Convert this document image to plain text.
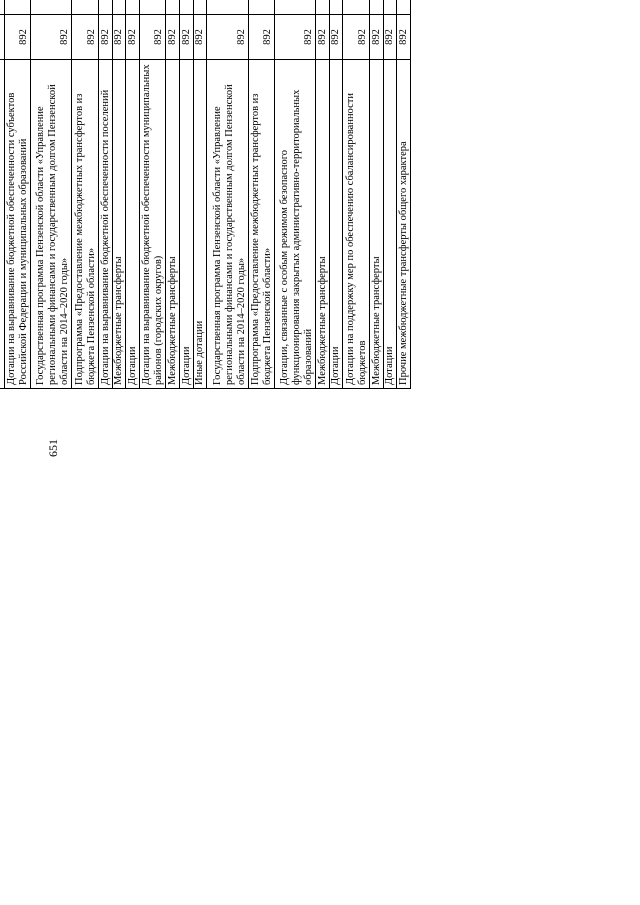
651

Дотации на выравнивание бюджетной обеспеченности субъектов Российской Федерации и муниципальных образований	892						
Государственная программа Пензенской области «Управление региональными финансами и государственным долгом Пензенской области на 2014–2020 годы»	892						
Подпрограмма «Предоставление межбюджетных трансфертов из бюджета Пензенской области»	892						
Дотации на выравнивание бюджетной обеспеченности поселений	892						
Межбюджетные трансферты	892						
Дотации	892						
Дотации на выравнивание бюджетной обеспеченности муниципальных районов (городских округов)	892						
Межбюджетные трансферты	892						
Дотации	892						
Иные дотации	892						
Государственная программа Пензенской области «Управление региональными финансами и государственным долгом Пензенской области на 2014–2020 годы»	892						
Подпрограмма «Предоставление межбюджетных трансфертов из бюджета Пензенской области»	892						
Дотации, связанные с особым режимом безопасного функционирования закрытых административно-территориальных образований	892						
Межбюджетные трансферты	892						
Дотации	892						
Дотации на поддержку мер по обеспечению сбалансированности бюджетов	892						
Межбюджетные трансферты	892						
Дотации	892						
Прочие межбюджетные трансферты общего характера	892						
